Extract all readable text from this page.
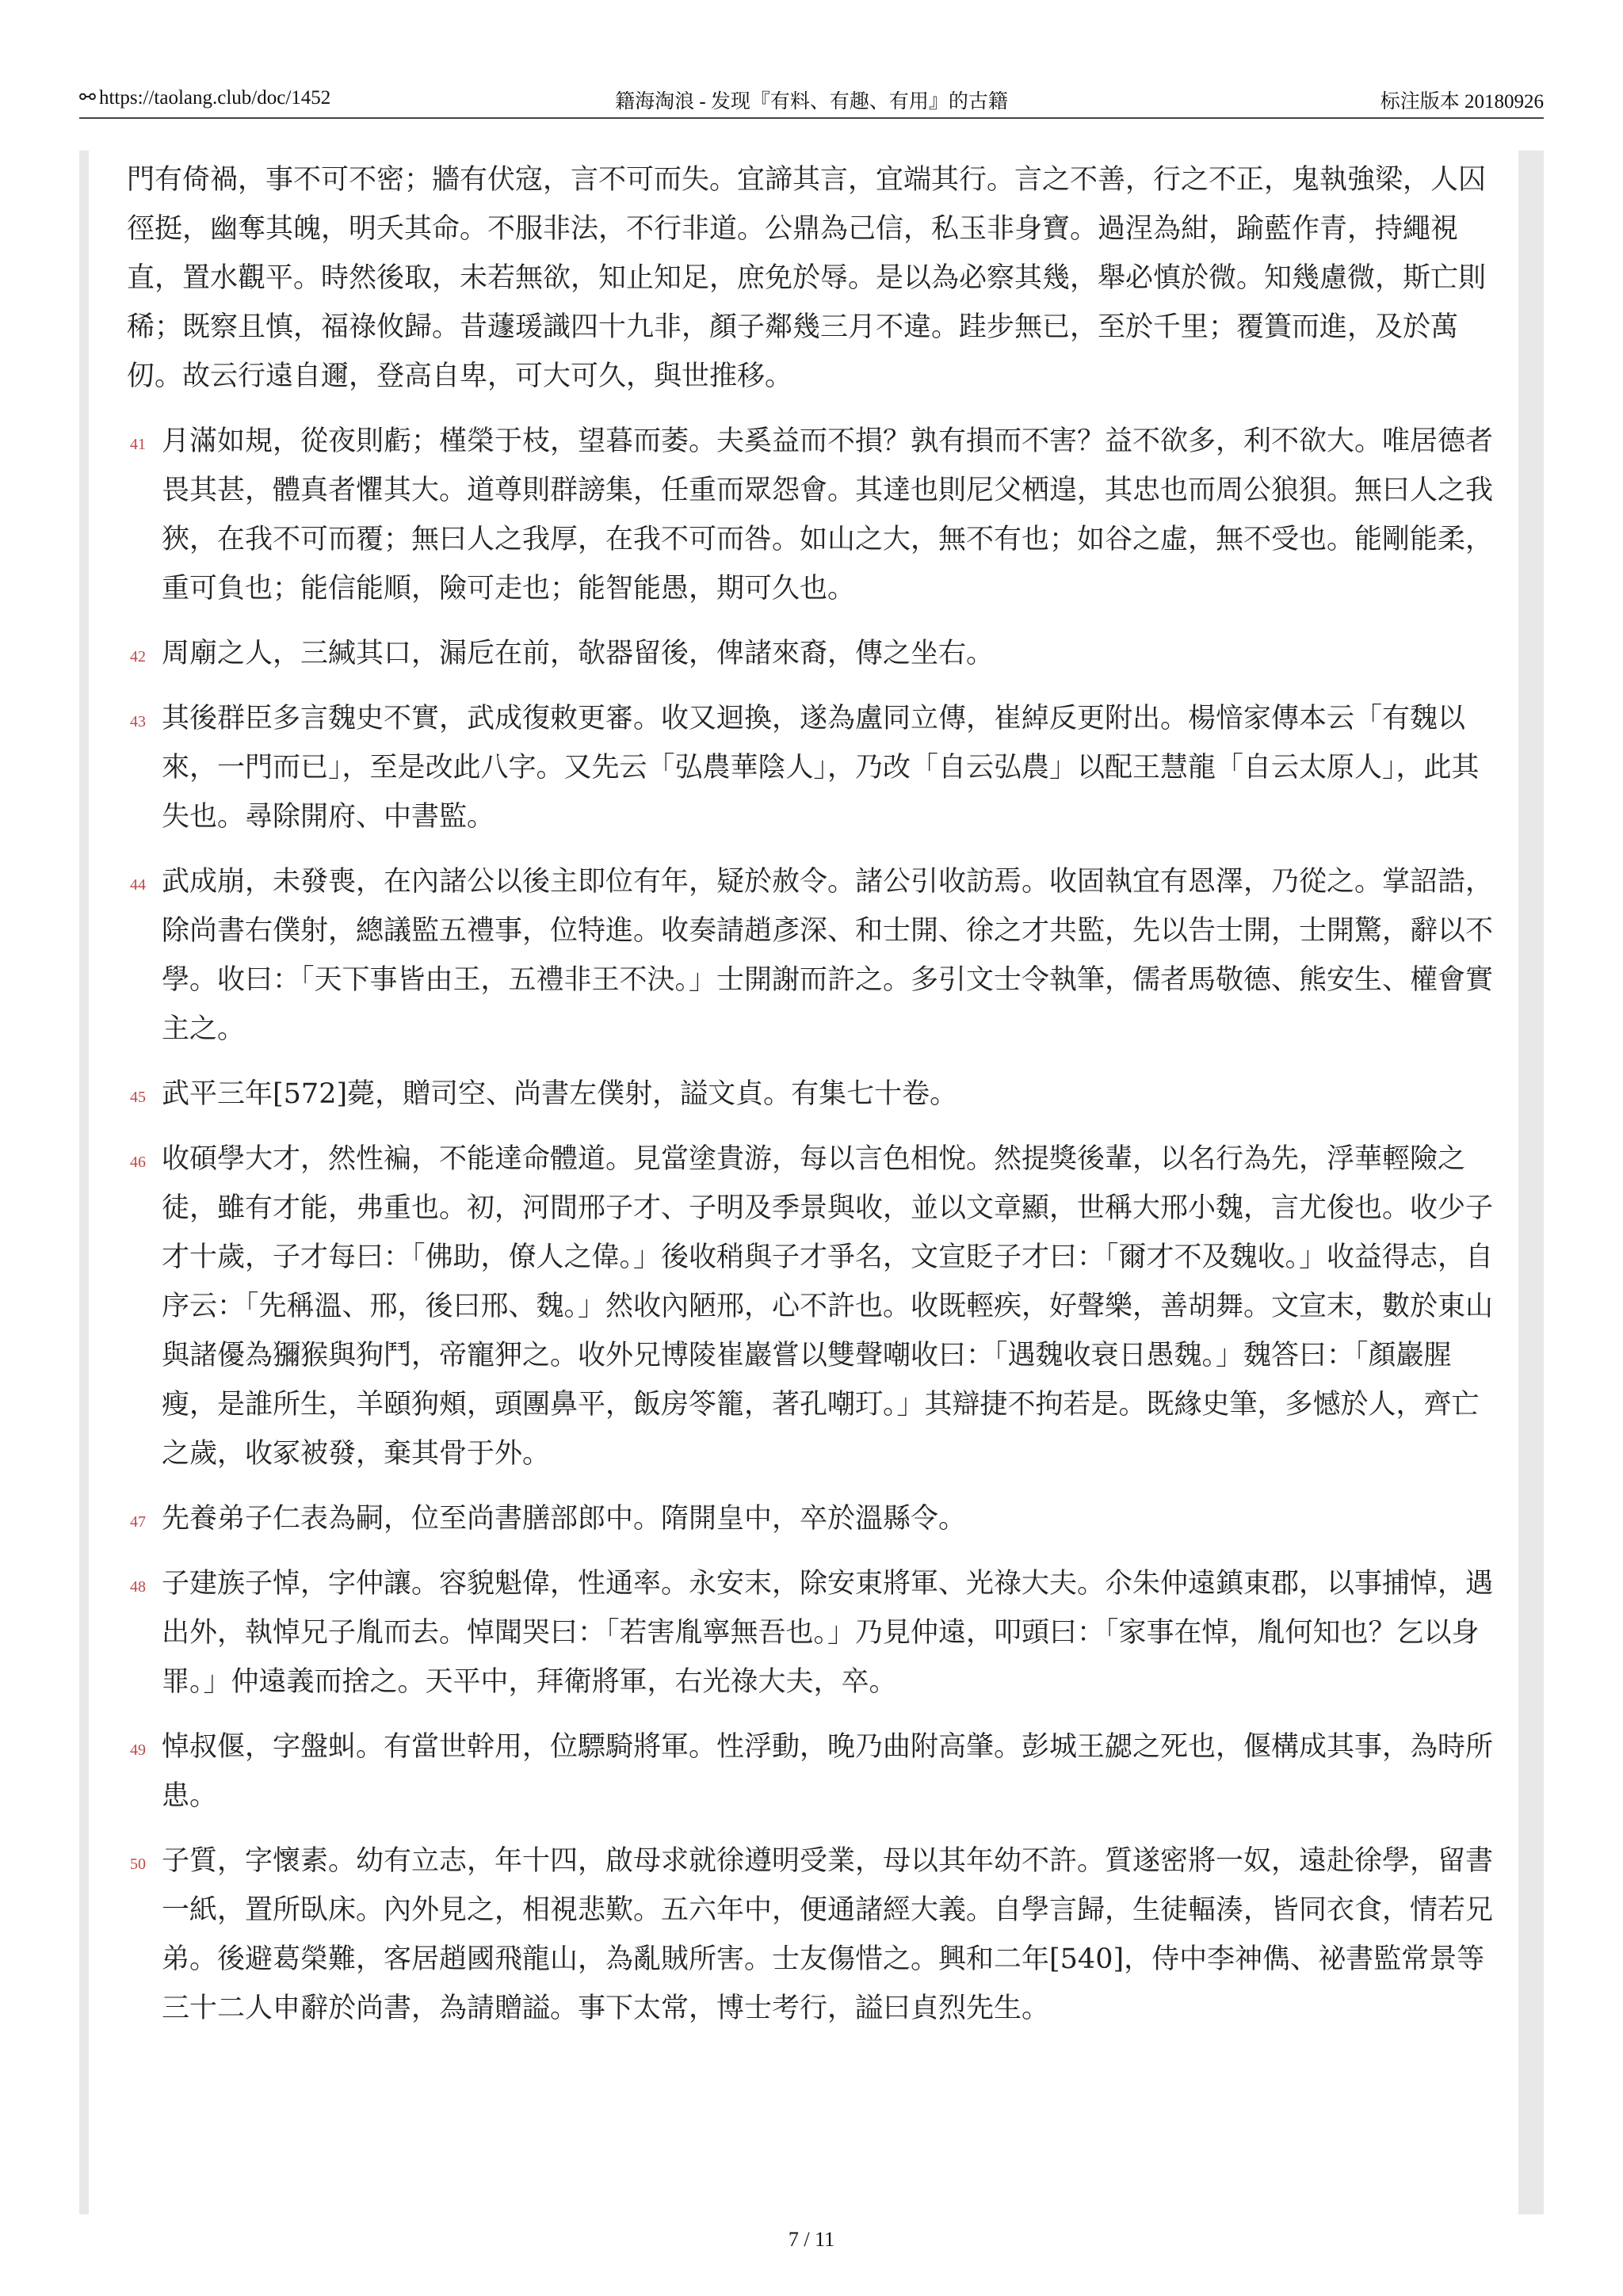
⚯ https://taolang.club/doc/1452	籍海淘浪 - 发现『有料、有趣、有用』的古籍	标注版本 20180926

門有倚禍，事不可不密；牆有伏寇，言不可而失。宜諦其言，宜端其行。言之不善，行之不正，鬼執強梁，人囚徑挺，幽奪其魄，明夭其命。不服非法，不行非道。公鼎為己信，私玉非身寶。過涅為紺，踰藍作青，持繩視直，置水觀平。時然後取，未若無欲，知止知足，庶免於辱。是以為必察其幾，舉必慎於微。知幾慮微，斯亡則稀；既察且慎，福祿攸歸。昔蘧瑗識四十九非，顏子鄰幾三月不違。跬步無已，至於千里；覆簣而進，及於萬仞。故云行遠自邇，登高自卑，可大可久，與世推移。

41 月滿如規，從夜則虧；槿榮于枝，望暮而萎。夫奚益而不損？孰有損而不害？益不欲多，利不欲大。唯居德者畏其甚，體真者懼其大。道尊則群謗集，任重而眾怨會。其達也則尼父栖遑，其忠也而周公狼狽。無曰人之我狹，在我不可而覆；無曰人之我厚，在我不可而咎。如山之大，無不有也；如谷之虛，無不受也。能剛能柔，重可負也；能信能順，險可走也；能智能愚，期可久也。

42 周廟之人，三緘其口，漏卮在前，欹器留後，俾諸來裔，傳之坐右。

43 其後群臣多言魏史不實，武成復敕更審。收又迴換，遂為盧同立傳，崔綽反更附出。楊愔家傳本云「有魏以來，一門而已」，至是改此八字。又先云「弘農華陰人」，乃改「自云弘農」以配王慧龍「自云太原人」，此其失也。尋除開府、中書監。

44 武成崩，未發喪，在內諸公以後主即位有年，疑於赦令。諸公引收訪焉。收固執宜有恩澤，乃從之。掌詔誥，除尚書右僕射，總議監五禮事，位特進。收奏請趙彥深、和士開、徐之才共監，先以告士開，士開驚，辭以不學。收曰：「天下事皆由王，五禮非王不決。」士開謝而許之。多引文士令執筆，儒者馬敬德、熊安生、權會實主之。

45 武平三年[572]薨，贈司空、尚書左僕射，謚文貞。有集七十卷。

46 收碩學大才，然性褊，不能達命體道。見當塗貴游，每以言色相悅。然提獎後輩，以名行為先，浮華輕險之徒，雖有才能，弗重也。初，河間邢子才、子明及季景與收，並以文章顯，世稱大邢小魏，言尤俊也。收少子才十歲，子才每曰：「佛助，僚人之偉。」後收稍與子才爭名，文宣貶子才曰：「爾才不及魏收。」收益得志，自序云：「先稱溫、邢，後曰邢、魏。」然收內陋邢，心不許也。收既輕疾，好聲樂，善胡舞。文宣末，數於東山與諸優為獼猴與狗鬥，帝寵狎之。收外兄博陵崔巖嘗以雙聲嘲收曰：「遇魏收衰日愚魏。」魏答曰：「顏巖腥瘦，是誰所生，羊頤狗頰，頭團鼻平，飯房笭籠，著孔嘲玎。」其辯捷不拘若是。既緣史筆，多憾於人，齊亡之歲，收冢被發，棄其骨于外。

47 先養弟子仁表為嗣，位至尚書膳部郎中。隋開皇中，卒於溫縣令。

48 子建族子悼，字仲讓。容貌魁偉，性通率。永安末，除安東將軍、光祿大夫。尒朱仲遠鎮東郡，以事捕悼，遇出外，執悼兄子胤而去。悼聞哭曰：「若害胤寧無吾也。」乃見仲遠，叩頭曰：「家事在悼，胤何知也？乞以身罪。」仲遠義而捨之。天平中，拜衛將軍，右光祿大夫，卒。

49 悼叔偃，字盤虯。有當世幹用，位驃騎將軍。性浮動，晚乃曲附高肇。彭城王勰之死也，偃構成其事，為時所患。

50 子質，字懷素。幼有立志，年十四，啟母求就徐遵明受業，母以其年幼不許。質遂密將一奴，遠赴徐學，留書一紙，置所臥床。內外見之，相視悲歎。五六年中，便通諸經大義。自學言歸，生徒輻湊，皆同衣食，情若兄弟。後避葛榮難，客居趙國飛龍山，為亂賊所害。士友傷惜之。興和二年[540]，侍中李神儁、祕書監常景等三十二人申辭於尚書，為請贈謚。事下太常，博士考行，謚曰貞烈先生。

7 / 11
